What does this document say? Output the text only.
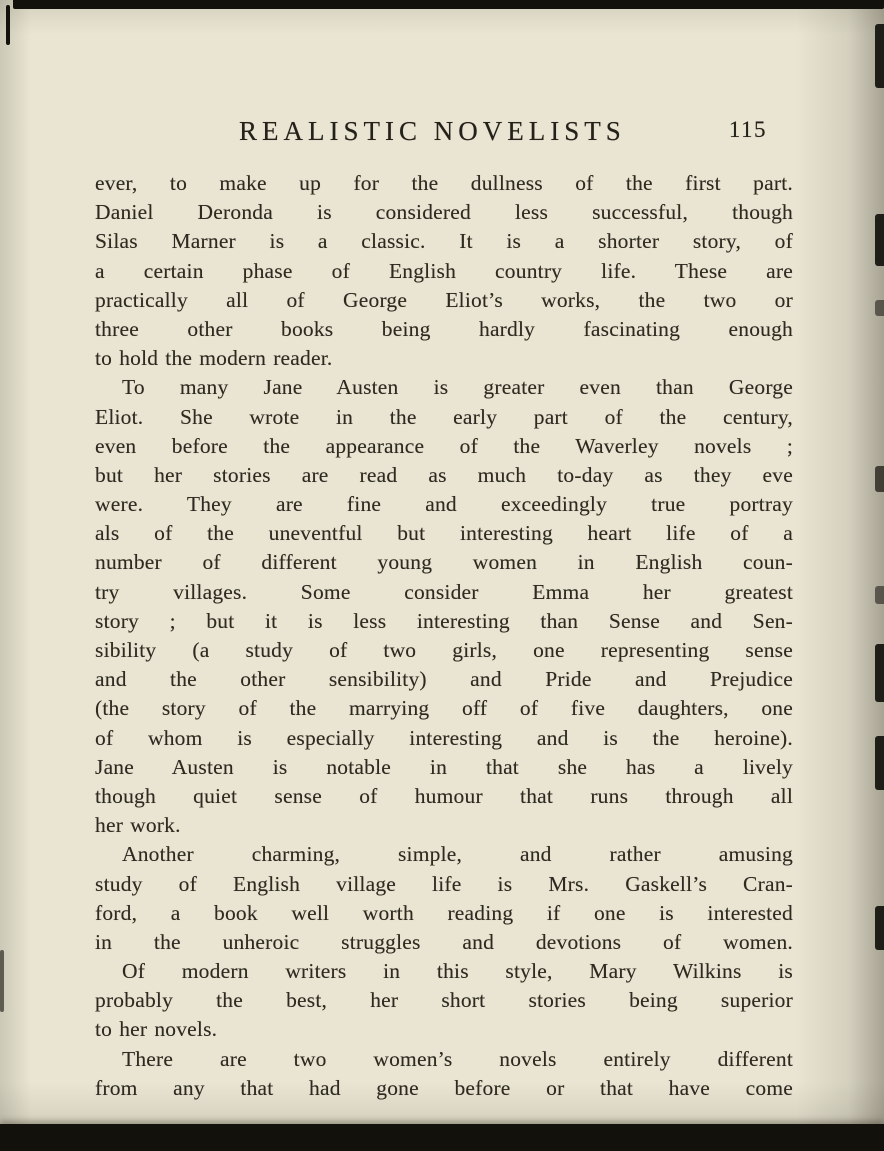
REALISTIC NOVELISTS	115
ever, to make up for the dullness of the first part.
Daniel Deronda is considered less successful, though
Silas Marner is a classic. It is a shorter story, of
a certain phase of English country life. These are
practically all of George Eliot’s works, the two or
three other books being hardly fascinating enough
to hold the modern reader.
To many Jane Austen is greater even than George
Eliot. She wrote in the early part of the century,
even before the appearance of the Waverley novels ;
but her stories are read as much to-day as they eve
were. They are fine and exceedingly true portray
als of the uneventful but interesting heart life of a
number of different young women in English coun-
try villages. Some consider Emma her greatest
story ; but it is less interesting than Sense and Sen-
sibility (a study of two girls, one representing sense
and the other sensibility) and Pride and Prejudice
(the story of the marrying off of five daughters, one
of whom is especially interesting and is the heroine).
Jane Austen is notable in that she has a lively
though quiet sense of humour that runs through all
her work.
Another charming, simple, and rather amusing
study of English village life is Mrs. Gaskell’s Cran-
ford, a book well worth reading if one is interested
in the unheroic struggles and devotions of women.
Of modern writers in this style, Mary Wilkins is
probably the best, her short stories being superior
to her novels.
There are two women’s novels entirely different
from any that had gone before or that have come
